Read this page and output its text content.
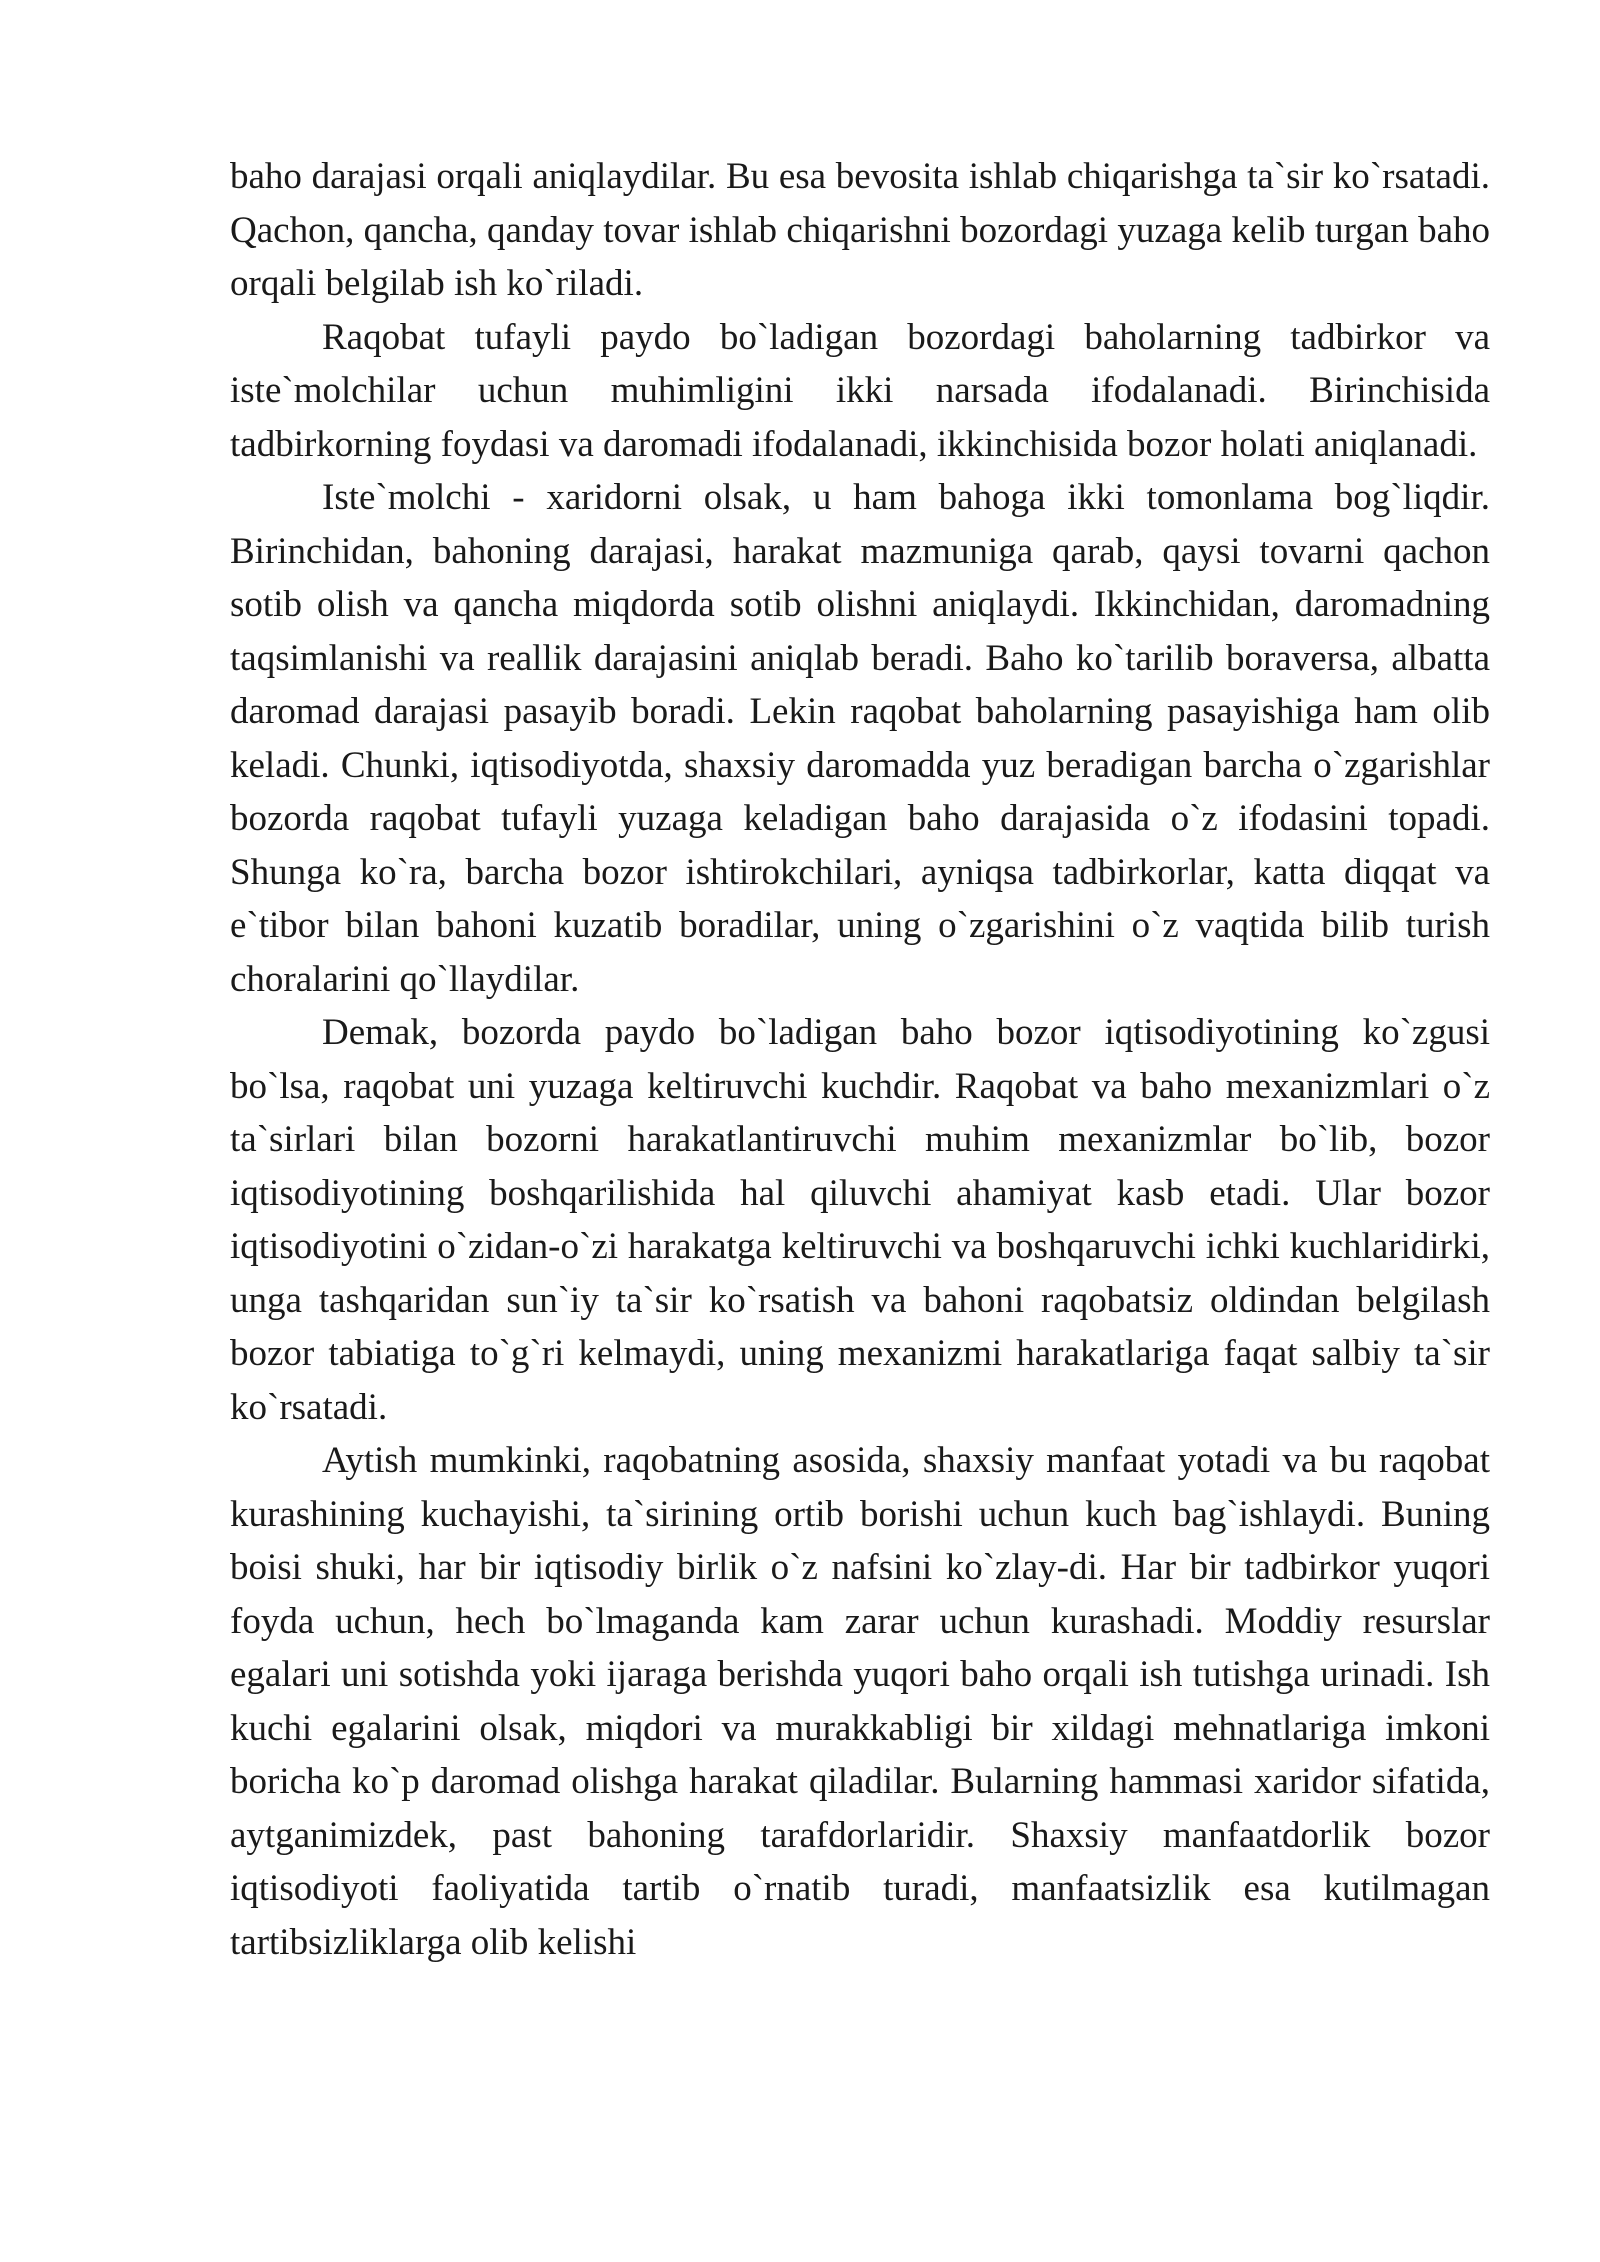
baho darajasi orqali aniqlaydilar. Bu esa bevosita ishlab chiqarishga ta`sir ko`rsatadi. Qachon, qancha, qanday tovar ishlab chiqarishni bozordagi yuzaga kelib turgan baho orqali belgilab ish ko`riladi.

Raqobat tufayli paydo bo`ladigan bozordagi baholarning tadbirkor va iste`molchilar uchun muhimligini ikki narsada ifodalanadi. Birinchisida tadbirkorning foydasi va daromadi ifodalanadi, ikkinchisida bozor holati aniqlanadi.

Iste`molchi - xaridorni olsak, u ham bahoga ikki tomonlama bog`liqdir. Birinchidan, bahoning darajasi, harakat mazmuniga qarab, qaysi tovarni qachon sotib olish va qancha miqdorda sotib olishni aniqlaydi. Ikkinchidan, daromadning taqsimlanishi va reallik darajasini aniqlab beradi. Baho ko`tarilib boraversa, albatta daromad darajasi pasayib boradi. Lekin raqobat baholarning pasayishiga ham olib keladi. Chunki, iqtisodiyotda, shaxsiy daromadda yuz beradigan barcha o`zgarishlar bozorda raqobat tufayli yuzaga keladigan baho darajasida o`z ifodasini topadi. Shunga ko`ra, barcha bozor ishtirokchilari, ayniqsa tadbirkorlar, katta diqqat va e`tibor bilan bahoni kuzatib boradilar, uning o`zgarishini o`z vaqtida bilib turish choralarini qo`llaydilar.

Demak, bozorda paydo bo`ladigan baho bozor iqtisodiyotining ko`zgusi bo`lsa, raqobat uni yuzaga keltiruvchi kuchdir. Raqobat va baho mexanizmlari o`z ta`sirlari bilan bozorni harakatlantiruvchi muhim mexanizmlar bo`lib, bozor iqtisodiyotining boshqarilishida hal qiluvchi ahamiyat kasb etadi. Ular bozor iqtisodiyotini o`zidan-o`zi harakatga keltiruvchi va boshqaruvchi ichki kuchlaridirki, unga tashqaridan sun`iy ta`sir ko`rsatish va bahoni raqobatsiz oldindan belgilash bozor tabiatiga to`g`ri kelmaydi, uning mexanizmi harakatlariga faqat salbiy ta`sir ko`rsatadi.

Aytish mumkinki, raqobatning asosida, shaxsiy manfaat yotadi va bu raqobat kurashining kuchayishi, ta`sirining ortib borishi uchun kuch bag`ishlaydi. Buning boisi shuki, har bir iqtisodiy birlik o`z nafsini ko`zlay-di. Har bir tadbirkor yuqori foyda uchun, hech bo`lmaganda kam zarar uchun kurashadi. Moddiy resurslar egalari uni sotishda yoki ijaraga berishda yuqori baho orqali ish tutishga urinadi. Ish kuchi egalarini olsak, miqdori va murakkabligi bir xildagi mehnatlariga imkoni boricha ko`p daromad olishga harakat qiladilar. Bularning hammasi xaridor sifatida, aytganimizdek, past bahoning tarafdorlaridir. Shaxsiy manfaatdorlik bozor iqtisodiyoti faoliyatida tartib o`rnatib turadi, manfaatsizlik esa kutilmagan tartibsizliklarga olib kelishi
